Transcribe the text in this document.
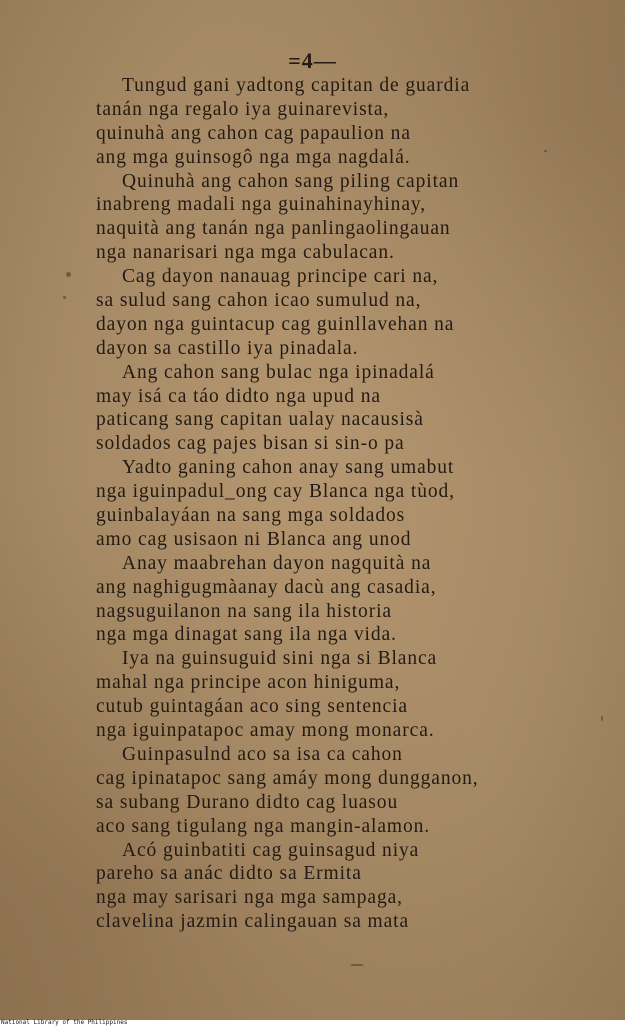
=4—
Tungud gani yadtong capitan de guardia
tanán nga regalo iya guinarevista,
quinuhà ang cahon cag papaulion na
ang mga guinsogô nga mga nagdalá.
Quinuhà ang cahon sang piling capitan
inabreng madali nga guinahinayhinay,
naquità ang tanán nga panlingaolingauan
nga nanarisari nga mga cabulacan.
Cag dayon nanauag principe cari na,
sa sulud sang cahon icao sumulud na,
dayon nga guintacup cag guinllavehan na
dayon sa castillo iya pinadala.
Ang cahon sang bulac nga ipinadalá
may isá ca táo didto nga upud na
paticang sang capitan ualay nacausisà
soldados cag pajes bisan si sin-o pa
Yadto ganing cahon anay sang umabut
nga iguinpadul_ong cay Blanca nga tùod,
guinbalayáan na sang mga soldados
amo cag usisaon ni Blanca ang unod
Anay maabrehan dayon nagquità na
ang naghigugmàanay dacù ang casadia,
nagsuguilanon na sang ila historia
nga mga dinagat sang ila nga vida.
Iya na guinsuguid sini nga si Blanca
mahal nga principe acon hiniguma,
cutub guintagáan aco sing sentencia
nga iguinpatapoc amay mong monarca.
Guinpasulnd aco sa isa ca cahon
cag ipinatapoc sang amáy mong dungganon,
sa subang Durano didto cag luasou
aco sang tigulang nga mangin-alamon.
Acó guinbatiti cag guinsagud niya
pareho sa anác didto sa Ermita
nga may sarisari nga mga sampaga,
clavelina jazmin calingauan sa mata
National Library of the Philippines
